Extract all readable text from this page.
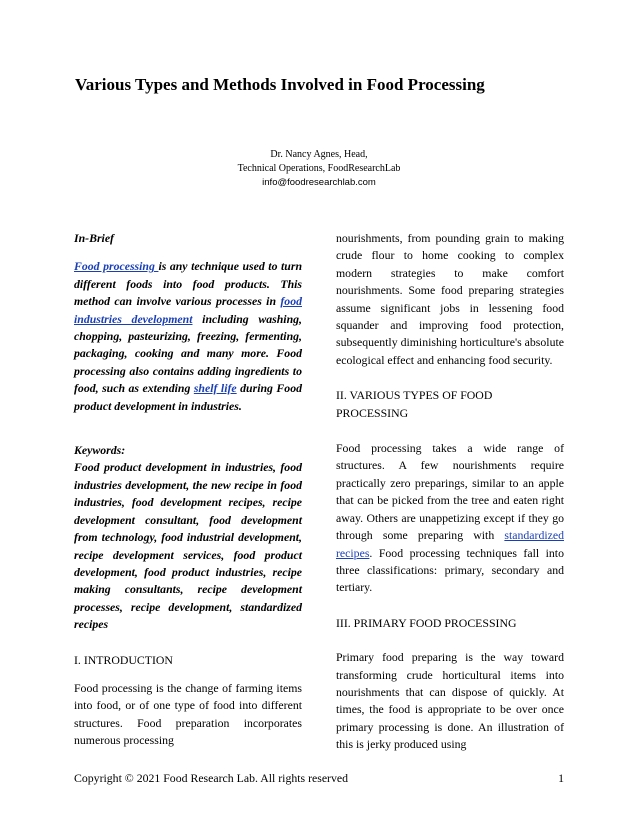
Various Types and Methods Involved in Food Processing
Dr. Nancy Agnes, Head,
Technical Operations, FoodResearchLab
info@foodresearchlab.com

In-Brief

Food processing is any technique used to turn different foods into food products. This method can involve various processes in food industries development including washing, chopping, pasteurizing, freezing, fermenting, packaging, cooking and many more. Food processing also contains adding ingredients to food, such as extending shelf life during Food product development in industries.

Keywords:

Food product development in industries, food industries development, the new recipe in food industries, food development recipes, recipe development consultant, food development from technology, food industrial development, recipe development services, food product development, food product industries, recipe making consultants, recipe development processes, recipe development, standardized recipes

I. INTRODUCTION

Food processing is the change of farming items into food, or of one type of food into different structures. Food preparation incorporates numerous processing

nourishments, from pounding grain to making crude flour to home cooking to complex modern strategies to make comfort nourishments. Some food preparing strategies assume significant jobs in lessening food squander and improving food protection, subsequently diminishing horticulture's absolute ecological effect and enhancing food security.

II. VARIOUS TYPES OF FOOD
PROCESSING

Food processing takes a wide range of structures. A few nourishments require practically zero preparings, similar to an apple that can be picked from the tree and eaten right away. Others are unappetizing except if they go through some preparing with standardized recipes. Food processing techniques fall into three classifications: primary, secondary and tertiary.

III. PRIMARY FOOD PROCESSING

Primary food preparing is the way toward transforming crude horticultural items into nourishments that can dispose of quickly. At times, the food is appropriate to be over once primary processing is done. An illustration of this is jerky produced using

Copyright © 2021 Food Research Lab. All rights reserved	1
